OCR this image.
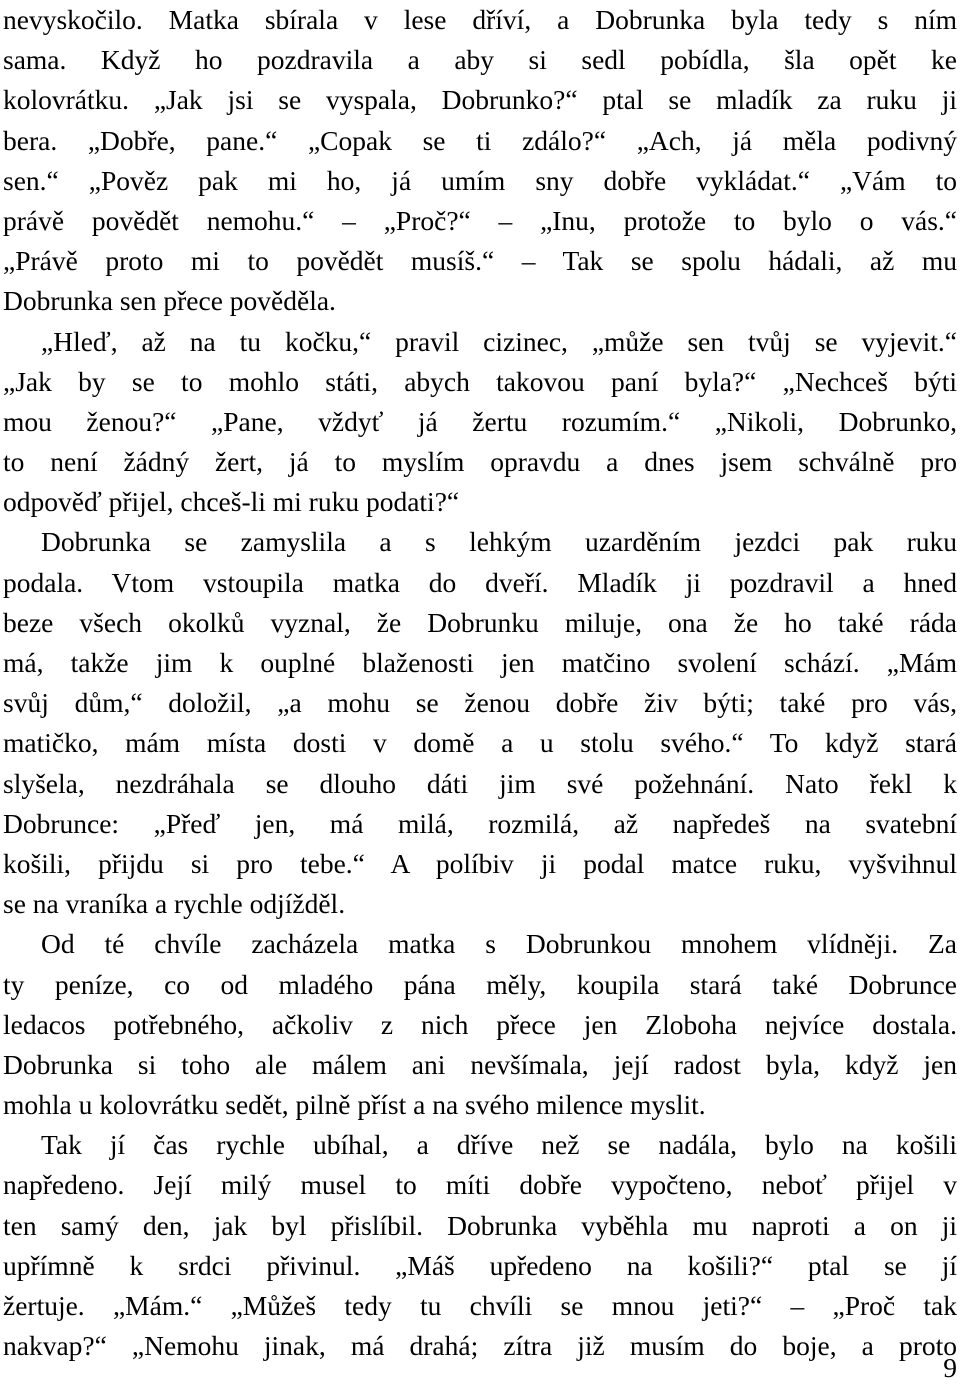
nevyskočilo. Matka sbírala v lese dříví, a Dobrunka byla tedy s ním
sama. Když ho pozdravila a aby si sedl pobídla, šla opět ke
kolovrátku. „Jak jsi se vyspala, Dobrunko?“ ptal se mladík za ruku ji
bera. „Dobře, pane.“ „Copak se ti zdálo?“ „Ach, já měla podivný
sen.“ „Pověz pak mi ho, já umím sny dobře vykládat.“ „Vám to
právě povědět nemohu.“ – „Proč?“ – „Inu, protože to bylo o vás.“
„Právě proto mi to povědět musíš.“ – Tak se spolu hádali, až mu
Dobrunka sen přece pověděla.
„Hleď, až na tu kočku,“ pravil cizinec, „může sen tvůj se vyjevit.“
„Jak by se to mohlo státi, abych takovou paní byla?“ „Nechceš býti
mou ženou?“ „Pane, vždyť já žertu rozumím.“ „Nikoli, Dobrunko,
to není žádný žert, já to myslím opravdu a dnes jsem schválně pro
odpověď přijel, chceš-li mi ruku podati?“
Dobrunka se zamyslila a s lehkým uzarděním jezdci pak ruku
podala. Vtom vstoupila matka do dveří. Mladík ji pozdravil a hned
beze všech okolků vyznal, že Dobrunku miluje, ona že ho také ráda
má, takže jim k ouplné blaženosti jen matčino svolení schází. „Mám
svůj dům,“ doložil, „a mohu se ženou dobře živ býti; také pro vás,
matičko, mám místa dosti v domě a u stolu svého.“ To když stará
slyšela, nezdráhala se dlouho dáti jim své požehnání. Nato řekl k
Dobrunce: „Přeď jen, má milá, rozmilá, až napředeš na svatební
košili, přijdu si pro tebe.“ A políbiv ji podal matce ruku, vyšvihnul
se na vraníka a rychle odjížděl.
Od té chvíle zacházela matka s Dobrunkou mnohem vlídněji. Za
ty peníze, co od mladého pána měly, koupila stará také Dobrunce
ledacos potřebného, ačkoliv z nich přece jen Zloboha nejvíce dostala.
Dobrunka si toho ale málem ani nevšímala, její radost byla, když jen
mohla u kolovrátku sedět, pilně příst a na svého milence myslit.
Tak jí čas rychle ubíhal, a dříve než se nadála, bylo na košili
napředeno. Její milý musel to míti dobře vypočteno, neboť přijel v
ten samý den, jak byl přislíbil. Dobrunka vyběhla mu naproti a on ji
upřímně k srdci přivinul. „Máš upředeno na košili?“ ptal se jí
žertuje. „Mám.“ „Můžeš tedy tu chvíli se mnou jeti?“ – „Proč tak
nakvap?“ „Nemohu jinak, má drahá; zítra již musím do boje, a proto
9
